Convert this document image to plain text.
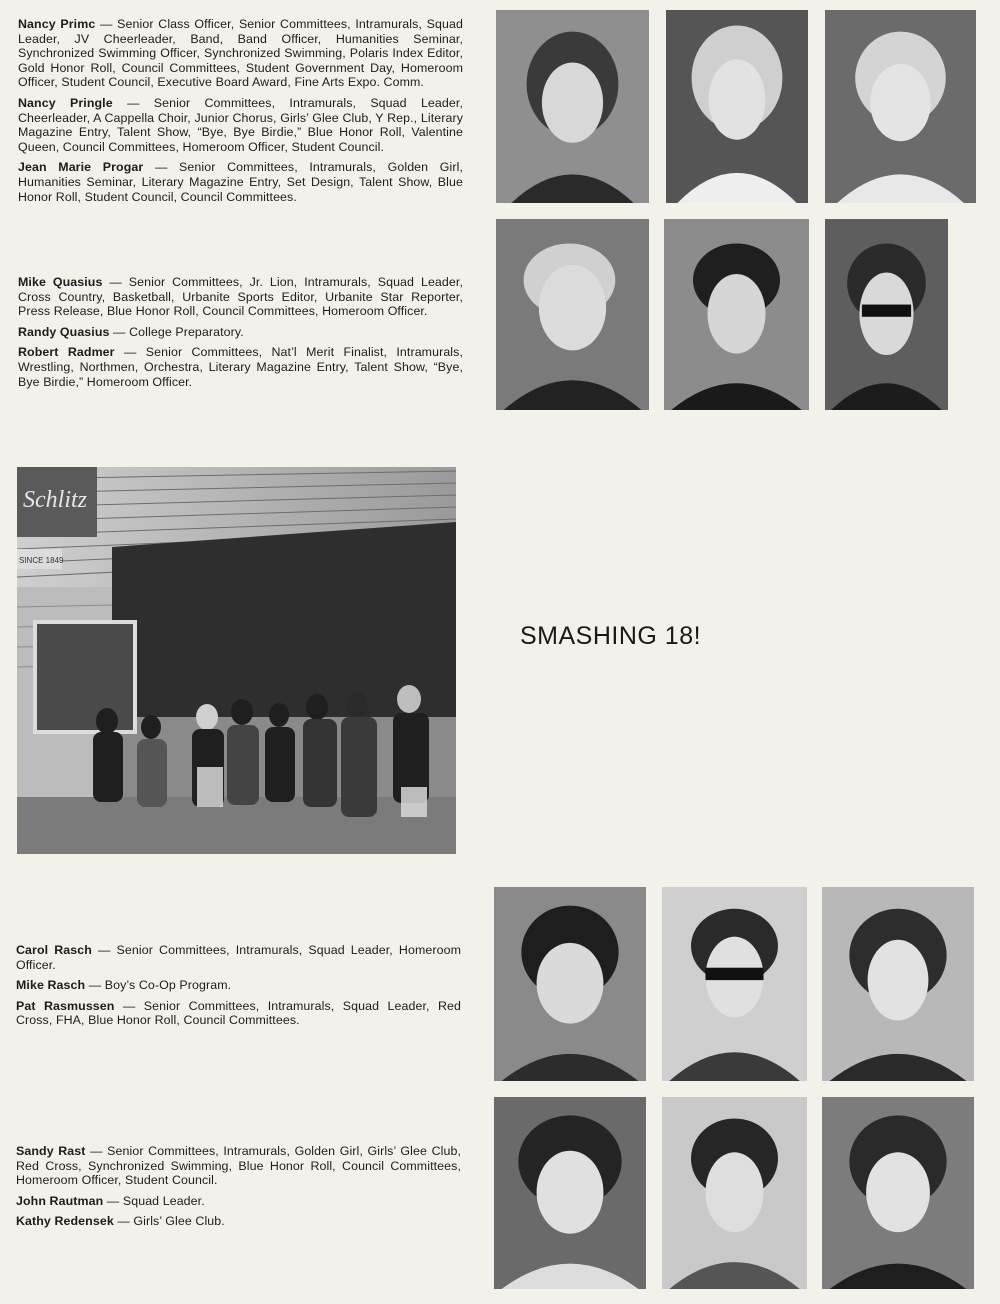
Nancy Primc — Senior Class Officer, Senior Committees, Intramurals, Squad Leader, JV Cheerleader, Band, Band Officer, Humanities Seminar, Synchronized Swimming Officer, Synchronized Swimming, Polaris Index Editor, Gold Honor Roll, Council Committees, Student Government Day, Homeroom Officer, Student Council, Executive Board Award, Fine Arts Expo. Comm.

Nancy Pringle — Senior Committees, Intramurals, Squad Leader, Cheerleader, A Cappella Choir, Junior Chorus, Girls’ Glee Club, Y Rep., Literary Magazine Entry, Talent Show, “Bye, Bye Birdie,” Blue Honor Roll, Valentine Queen, Council Committees, Homeroom Officer, Student Council.

Jean Marie Progar — Senior Committees, Intramurals, Golden Girl, Humanities Seminar, Literary Magazine Entry, Set Design, Talent Show, Blue Honor Roll, Student Council, Council Committees.

Mike Quasius — Senior Committees, Jr. Lion, Intramurals, Squad Leader, Cross Country, Basketball, Urbanite Sports Editor, Urbanite Star Reporter, Press Release, Blue Honor Roll, Council Committees, Homeroom Officer.

Randy Quasius — College Preparatory.

Robert Radmer — Senior Committees, Nat’l Merit Finalist, Intramurals, Wrestling, Northmen, Orchestra, Literary Magazine Entry, Talent Show, “Bye, Bye Birdie,” Homeroom Officer.

Carol Rasch — Senior Committees, Intramurals, Squad Leader, Homeroom Officer.

Mike Rasch — Boy’s Co-Op Program.

Pat Rasmussen — Senior Committees, Intramurals, Squad Leader, Red Cross, FHA, Blue Honor Roll, Council Committees.

Sandy Rast — Senior Committees, Intramurals, Golden Girl, Girls’ Glee Club, Red Cross, Synchronized Swimming, Blue Honor Roll, Council Committees, Homeroom Officer, Student Council.

John Rautman — Squad Leader.

Kathy Redensek — Girls’ Glee Club.

SMASHING 18!
Schlitz
SINCE 1849
